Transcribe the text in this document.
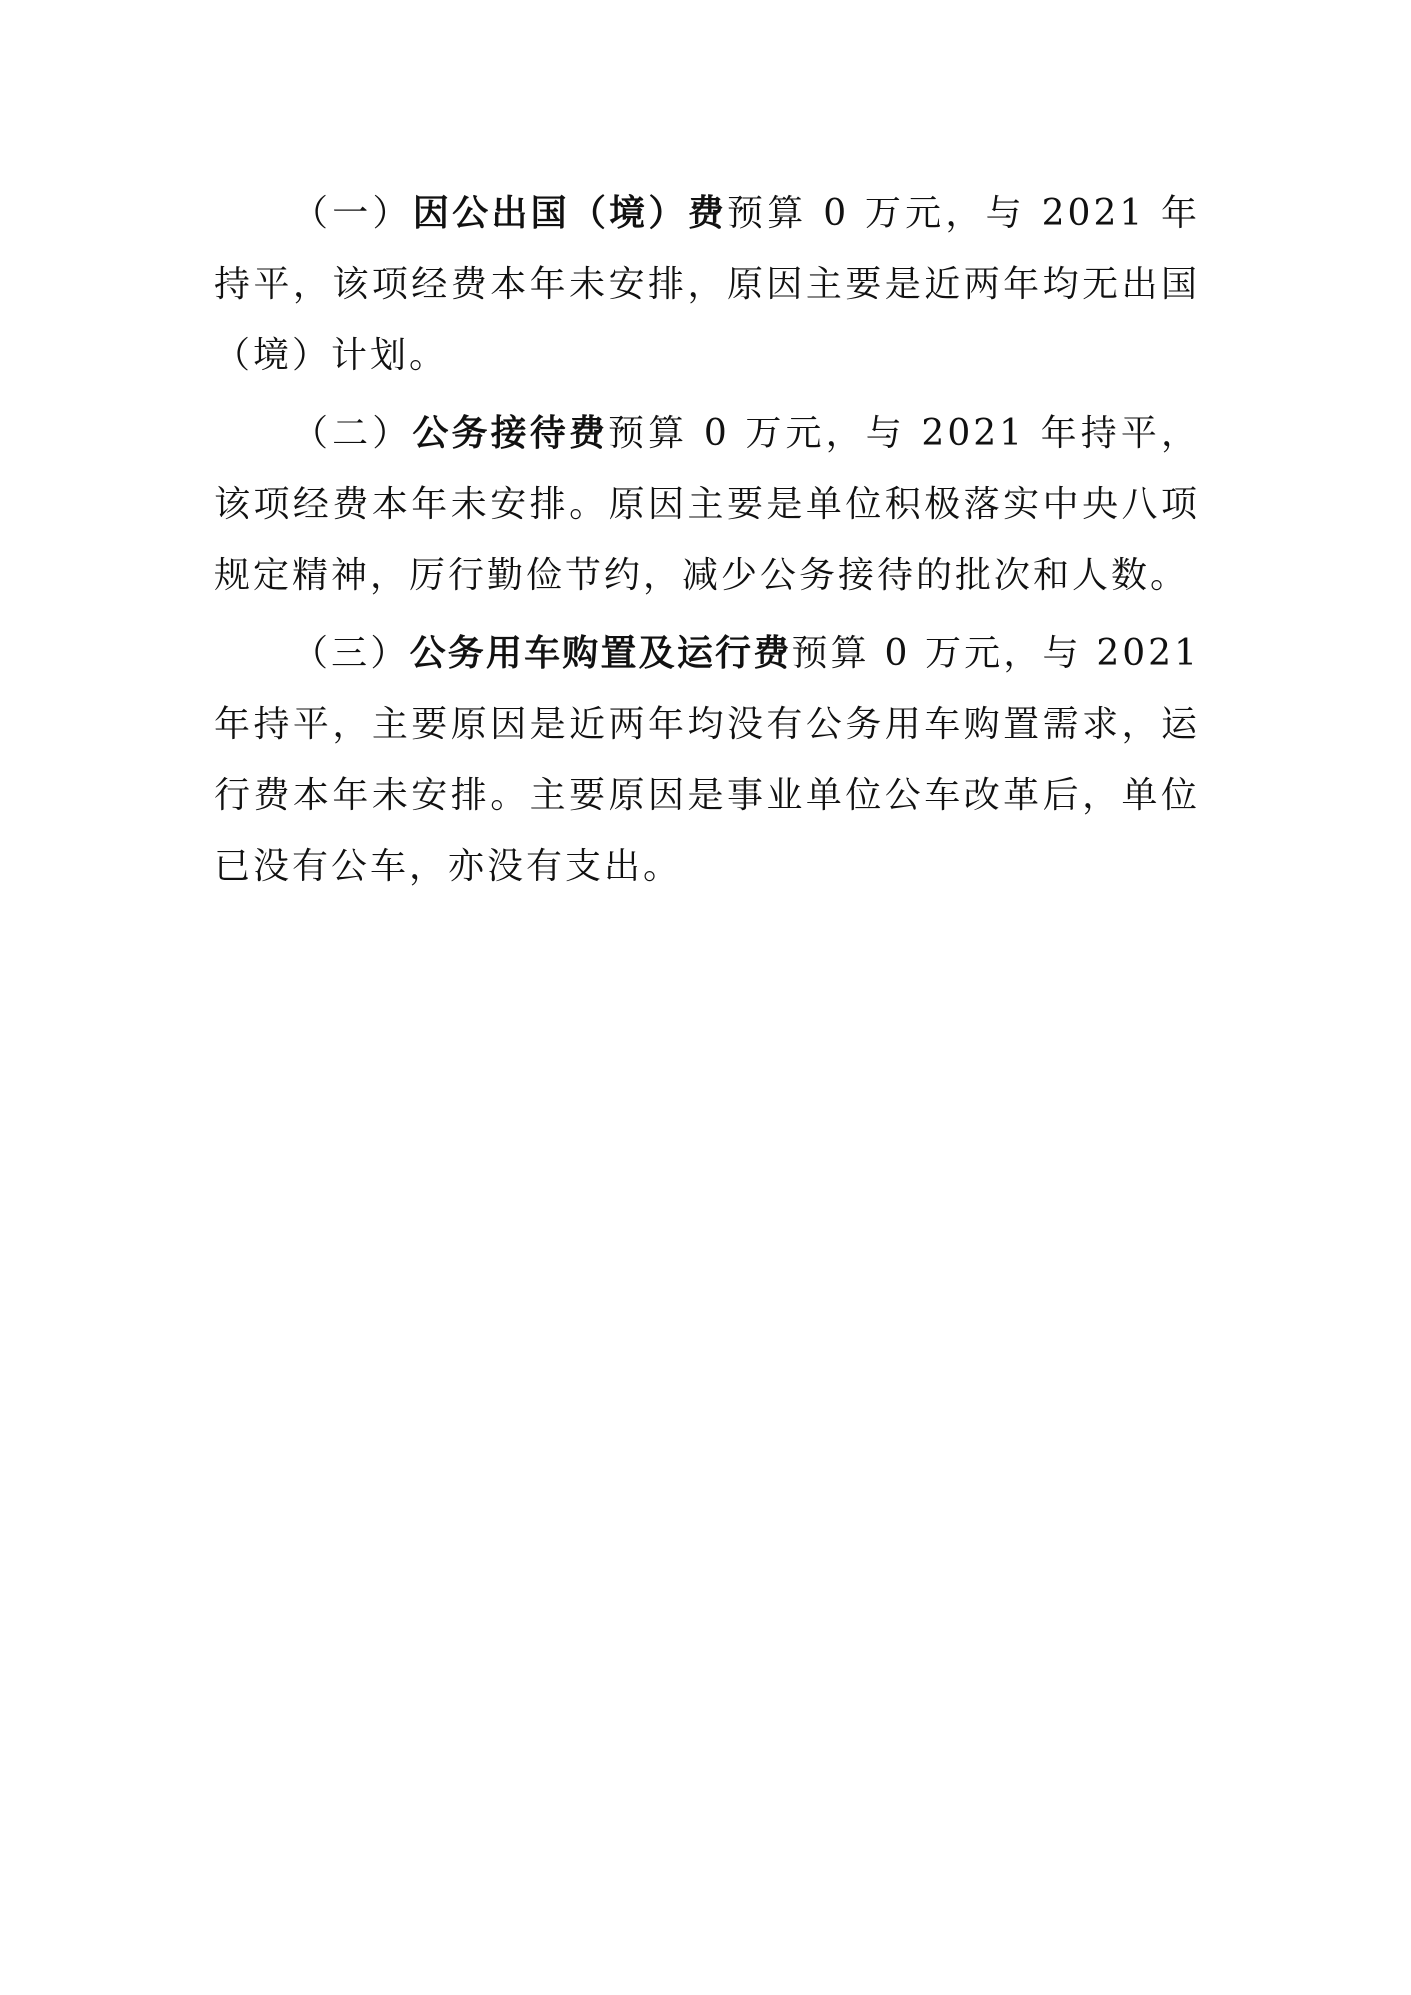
（一）因公出国（境）费预算 0 万元，与 2021 年持平，该项经费本年未安排，原因主要是近两年均无出国（境）计划。

（二）公务接待费预算 0 万元，与 2021 年持平，该项经费本年未安排。原因主要是单位积极落实中央八项规定精神，厉行勤俭节约，减少公务接待的批次和人数。

（三）公务用车购置及运行费预算 0 万元，与 2021 年持平，主要原因是近两年均没有公务用车购置需求，运行费本年未安排。主要原因是事业单位公车改革后，单位已没有公车，亦没有支出。
